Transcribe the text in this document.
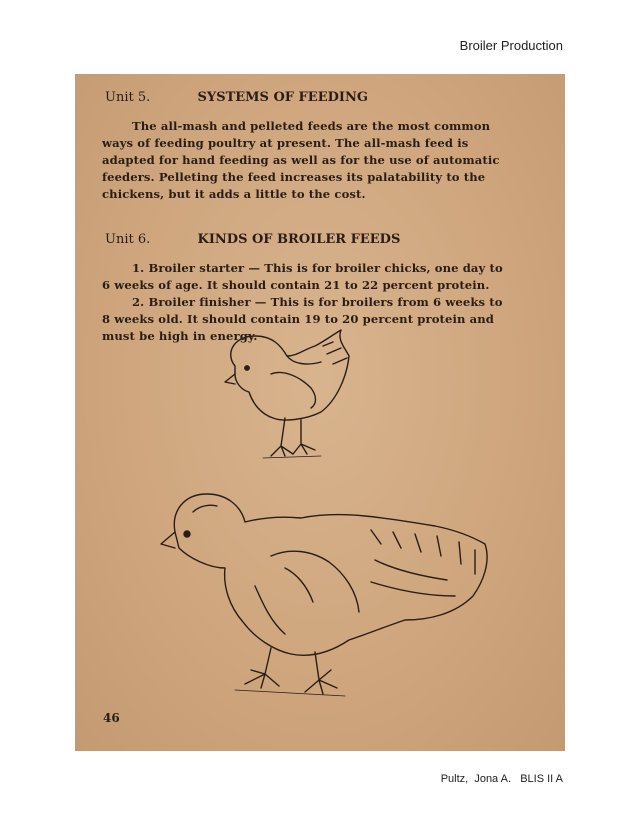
Broiler Production
Unit 5.	SYSTEMS OF FEEDING
The all-mash and pelleted feeds are the most common
ways of feeding poultry at present. The all-mash feed is
adapted for hand feeding as well as for the use of automatic
feeders. Pelleting the feed increases its palatability to the
chickens, but it adds a little to the cost.
Unit 6.	KINDS OF BROILER FEEDS
1. Broiler starter — This is for broiler chicks, one day to
6 weeks of age. It should contain 21 to 22 percent protein.
2. Broiler finisher — This is for broilers from 6 weeks to
8 weeks old. It should contain 19 to 20 percent protein and
must be high in energy.
46
Pultz,  Jona A.   BLIS II A
